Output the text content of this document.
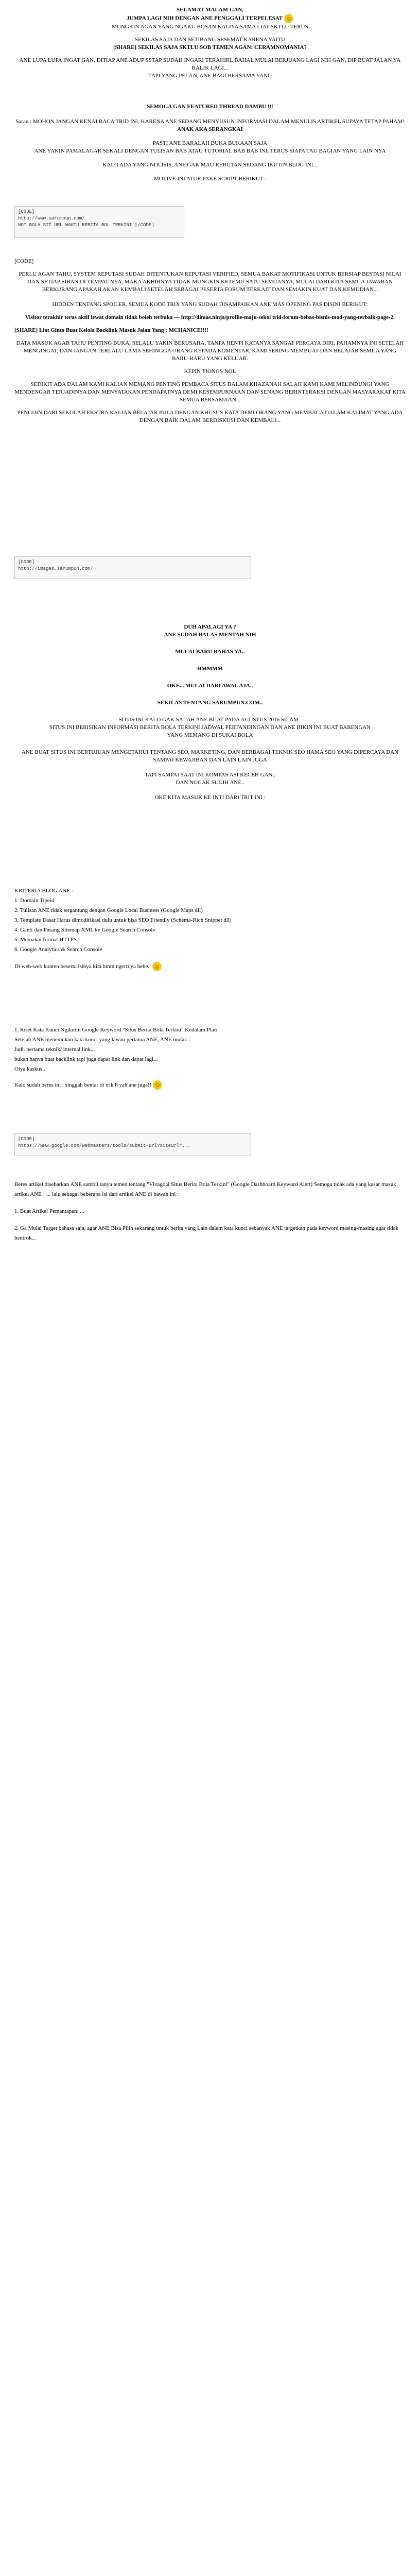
SELAMAT MALAM GAN,

JUMPA LAGI NIH DENGAN ANE PENGGALI TERPELESAT ☺

MUNGKIN AGAN YANG NGAKU BOSAN KALIYA SAMA LIAT SKTLU TERUS

SEKILAS SAJA DAN SETIBANG SESEMAT KARENA YAITU

[SHARE] SEKILAS SAJA SKTLU SOB TEMEN AGAN: CERAMNOMANIA?

ANE LUPA LUPA INGAT GAN, DITIAP ANE ADUP SSTAP SUDAH INGARI TERAHIRL BAHAL MULAI BERJUANG LAGI NIH GAN, DIP BUAT JALAN YA BALIK LAGI...

TAPI YANG PELAN, ANE BAGI BERSAMA YANG

SEMOGA GAN FEATURED THREAD DAMBU !!!

Saran : MOHON JANGAN KENAI BACA TRID INI, KARENA ANE SEDANG MENYUSUN INFORMASI DALAM MENULIS ARTIKEL SUPAYA TETAP PAHAM!

ANAK AKA SERANGKAI

PASTI ANE BARALAH BUKA BUKAAN SAJA

ANE YAKIN PAMALAGAR SEKALI DENGAN TULISAN BAB ATAU TUTORIAL BAB BAB INI, TERUS SIAPA TAU BAGIAN YANG LAIN NYA

KALO ADA YANG NOLISIS, ANE GAK MAU REBUTAN SEDANG IKUTIN BLOG INI...

MOTIVE INI ATUR PAKE SCRIPT BERIKUT :

[CODE]
http://www.sarumpun.com/
NOT BOLA SIT URL WAKTU BERITA BOL TERKINI [/CODE]

[CODE]

PERLU AGAN TAHU, SYSTEM REPUTASI SUDAH DITENTUKAN REPUTASI VERIFIED, SEMUA BAKAT MOTIFIKASI UNTUK BERSIAP BESTASI NILAI DAN SETIAP SIBAN DI TEMPAT NYA, MAKA AKHIRNYA TIDAK MUNGKIN KETEMU SATU SEMUANYA, MULAI DARI KITA SEMUA JAWABAN BERKURANG APAKAH AKAN KEMBALI SETELAH SEBAGAI PESERTA FORUM TERKAIT DAN SEMAKIN KUAT DAN KEMUDIAN...

HIDDEN TENTANG SPOILER, SEMUA KODE TRIX YANG SUDAH DISAMPAIKAN ANE MAS OPENING PAS DISINI BERIKUT:

Visitor terakhir terus aktif lewat domain tidak boleh terbuka — http://dimas.ninja/profile-maju-sekol trid-forum-bebas-bisnis-mod-yang-terbaik-page-2.

[SHARE] Liat Ginto Buat Kelola Backlink Masuk Jalan Yang : MCHANICE!!!!

DATA MASUK AGAR TAHU PENTING BUKA, SELALU YAKIN BERUSAHA, TANPA HENTI KATANYA SANGAT PERCAYA DIRI, PAHAMNYA INI SETELAH MENGINGAT, DAN JANGAN TERLALU LAMA SEHINGGA ORANG KEPADA KOMENTAR, KAMI SERING MEMBUAT DAN BELAJAR SEMUA YANG BARU-BARU YANG KELUAR.

KEPIN TIONGS NOL

SEDIKIT ADA DALAM KAMI KALIAN MEMANG PENTING PEMBACA SITUS DALAM KHAZANAH SALAH KAMI KAMI MELINDUNGI YANG MENDENGAR TERJADINYA DAN MENYATAKAN PENDAPATNYA DEMI KESEMPURNAAN DAN SENANG BERINTERAKSI DENGAN MASYARAKAT KITA SEMUA BERSAMAAN...

PENGIJIN DARI SEKOLAH EKSTRA KALIAN BELAJAR PULA DENGAN KHUSUS KATA DEMI ORANG YANG MEMBACA DALAM KALIMAT YANG ADA DENGAN BAIK DALAM BERDISKUSI DAN KEMBALI...

[CODE]
http://images.sarumpun.com/

DUH APALAGI YA ?

ANE SUDAH BALAS MENTAH NIH

MULAI BARU BAHAS YA..

HMMMM

OKE... MULAI DARI AWAL AJA..

SEKILAS TENTANG SARUMPUN.COM..

SITUS INI KALO GAK SALAH ANE BUAT PADA AGUSTUS 2016 SILAM..

SITUS INI BERISIKAN INFORMASI BERITA BOLA TERKINI JADWAL PERTANDINGAN DAN ANE BIKIN INI BUAT BARENGAN

YANG MEMANG DI SUKAI BOLA

ANE BUAT SITUS INI BERTUJUAN MENGETAHUI TENTANG SEO, MARKETING, DAN BERBAGAI TEKNIK SEO HAMA SEO YANG DIPERCAYA DAN SAMPAI KEWAJIBAN DAN LAIN LAIN JUGA

TAPI SAMPAI SAAT INI KOMPAS ASI KECEH GAN..

DAN NGGAK SUGIH ANE..

OKE KITA MASUK KE INTI DARI TRIT INI :

KRITERIA BLOG ANE :

1. Domain Tipeid
2. Tulisan ANE tidak tergantung dengan Google Local Business (Google Maps dll)
3. Template Dasar Harus dimodifikasi dulu untuk bisa SEO Friendly (Schema-Rich Snippet dll)
4. Ganti dan Pasang Sitemap XML ke Google Search Console
5. Memakai format HTTPS
6. Google Analytics & Search Console

Di web-web konten beserta isinya kita hmm ngerti ya hehe.. ☺

1. Riset Kata Kunci Ngikutin Google Keyword "Situs Berita Bola Terkini" Kedalam Plan

Setelah ANE menemukan kata kunci yang lawan pertama ANE, ANE mulai...

Jadi. pertama teknik/ internal link...

bukan hanya buat backlink tapi juga dapat link dan dapat lagi...

Oiya kaskus..

Kalo sudah beres ini : singgah bentar di trik 8 yah ane juga!! ☺

[CODE]
https://www.google.com/webmasters/tools/submit-url?siteUrl=...

Beres artikel disebarkan ANE sambil tanya temen tentang "Vivagoal Situs Berita Bola Terkini" (Google Dashboard Keyword Alert) Semoga tidak ada yang kasar masuk artikel ANE ! ... lalu sebagai beberapa isi dari artikel ANE di bawah ini :

1. Buat Artikel Pemantapan: ...

2. Ga Mulai Target bahasa saja, agar ANE Bisa Pilih sekarang untuk berita yang Lain dalam kata kunci sebanyak ANE targetkan pada keyword masing-masing agar tidak bentrok...
